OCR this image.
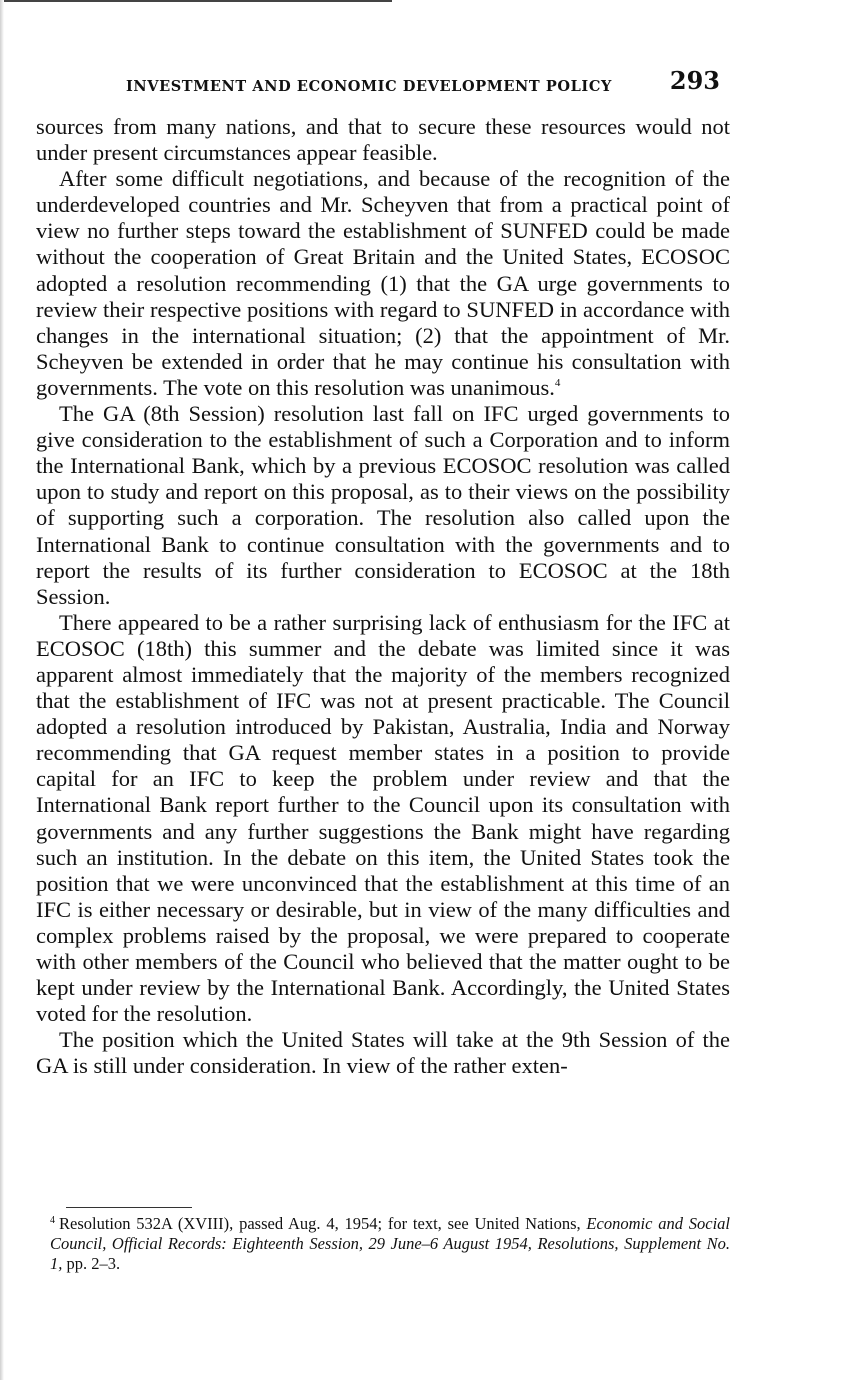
INVESTMENT AND ECONOMIC DEVELOPMENT POLICY 293

sources from many nations, and that to secure these resources would not under present circumstances appear feasible.

After some difficult negotiations, and because of the recognition of the underdeveloped countries and Mr. Scheyven that from a practical point of view no further steps toward the establishment of SUNFED could be made without the cooperation of Great Britain and the United States, ECOSOC adopted a resolution recommending (1) that the GA urge governments to review their respective positions with regard to SUNFED in accordance with changes in the international situation; (2) that the appointment of Mr. Scheyven be extended in order that he may continue his consultation with governments. The vote on this resolution was unanimous.$^4$

The GA (8th Session) resolution last fall on IFC urged governments to give consideration to the establishment of such a Corporation and to inform the International Bank, which by a previous ECOSOC resolution was called upon to study and report on this proposal, as to their views on the possibility of supporting such a corporation. The resolution also called upon the International Bank to continue consultation with the governments and to report the results of its further consideration to ECOSOC at the 18th Session.

There appeared to be a rather surprising lack of enthusiasm for the IFC at ECOSOC (18th) this summer and the debate was limited since it was apparent almost immediately that the majority of the members recognized that the establishment of IFC was not at present practicable. The Council adopted a resolution introduced by Pakistan, Australia, India and Norway recommending that GA request member states in a position to provide capital for an IFC to keep the problem under review and that the International Bank report further to the Council upon its consultation with governments and any further suggestions the Bank might have regarding such an institution. In the debate on this item, the United States took the position that we were unconvinced that the establishment at this time of an IFC is either necessary or desirable, but in view of the many difficulties and complex problems raised by the proposal, we were prepared to cooperate with other members of the Council who believed that the matter ought to be kept under review by the International Bank. Accordingly, the United States voted for the resolution.

The position which the United States will take at the 9th Session of the GA is still under consideration. In view of the rather exten-

$^4$ Resolution 532A (XVIII), passed Aug. 4, 1954; for text, see United Nations, Economic and Social Council, Official Records: Eighteenth Session, 29 June–6 August 1954, Resolutions, Supplement No. 1, pp. 2–3.
